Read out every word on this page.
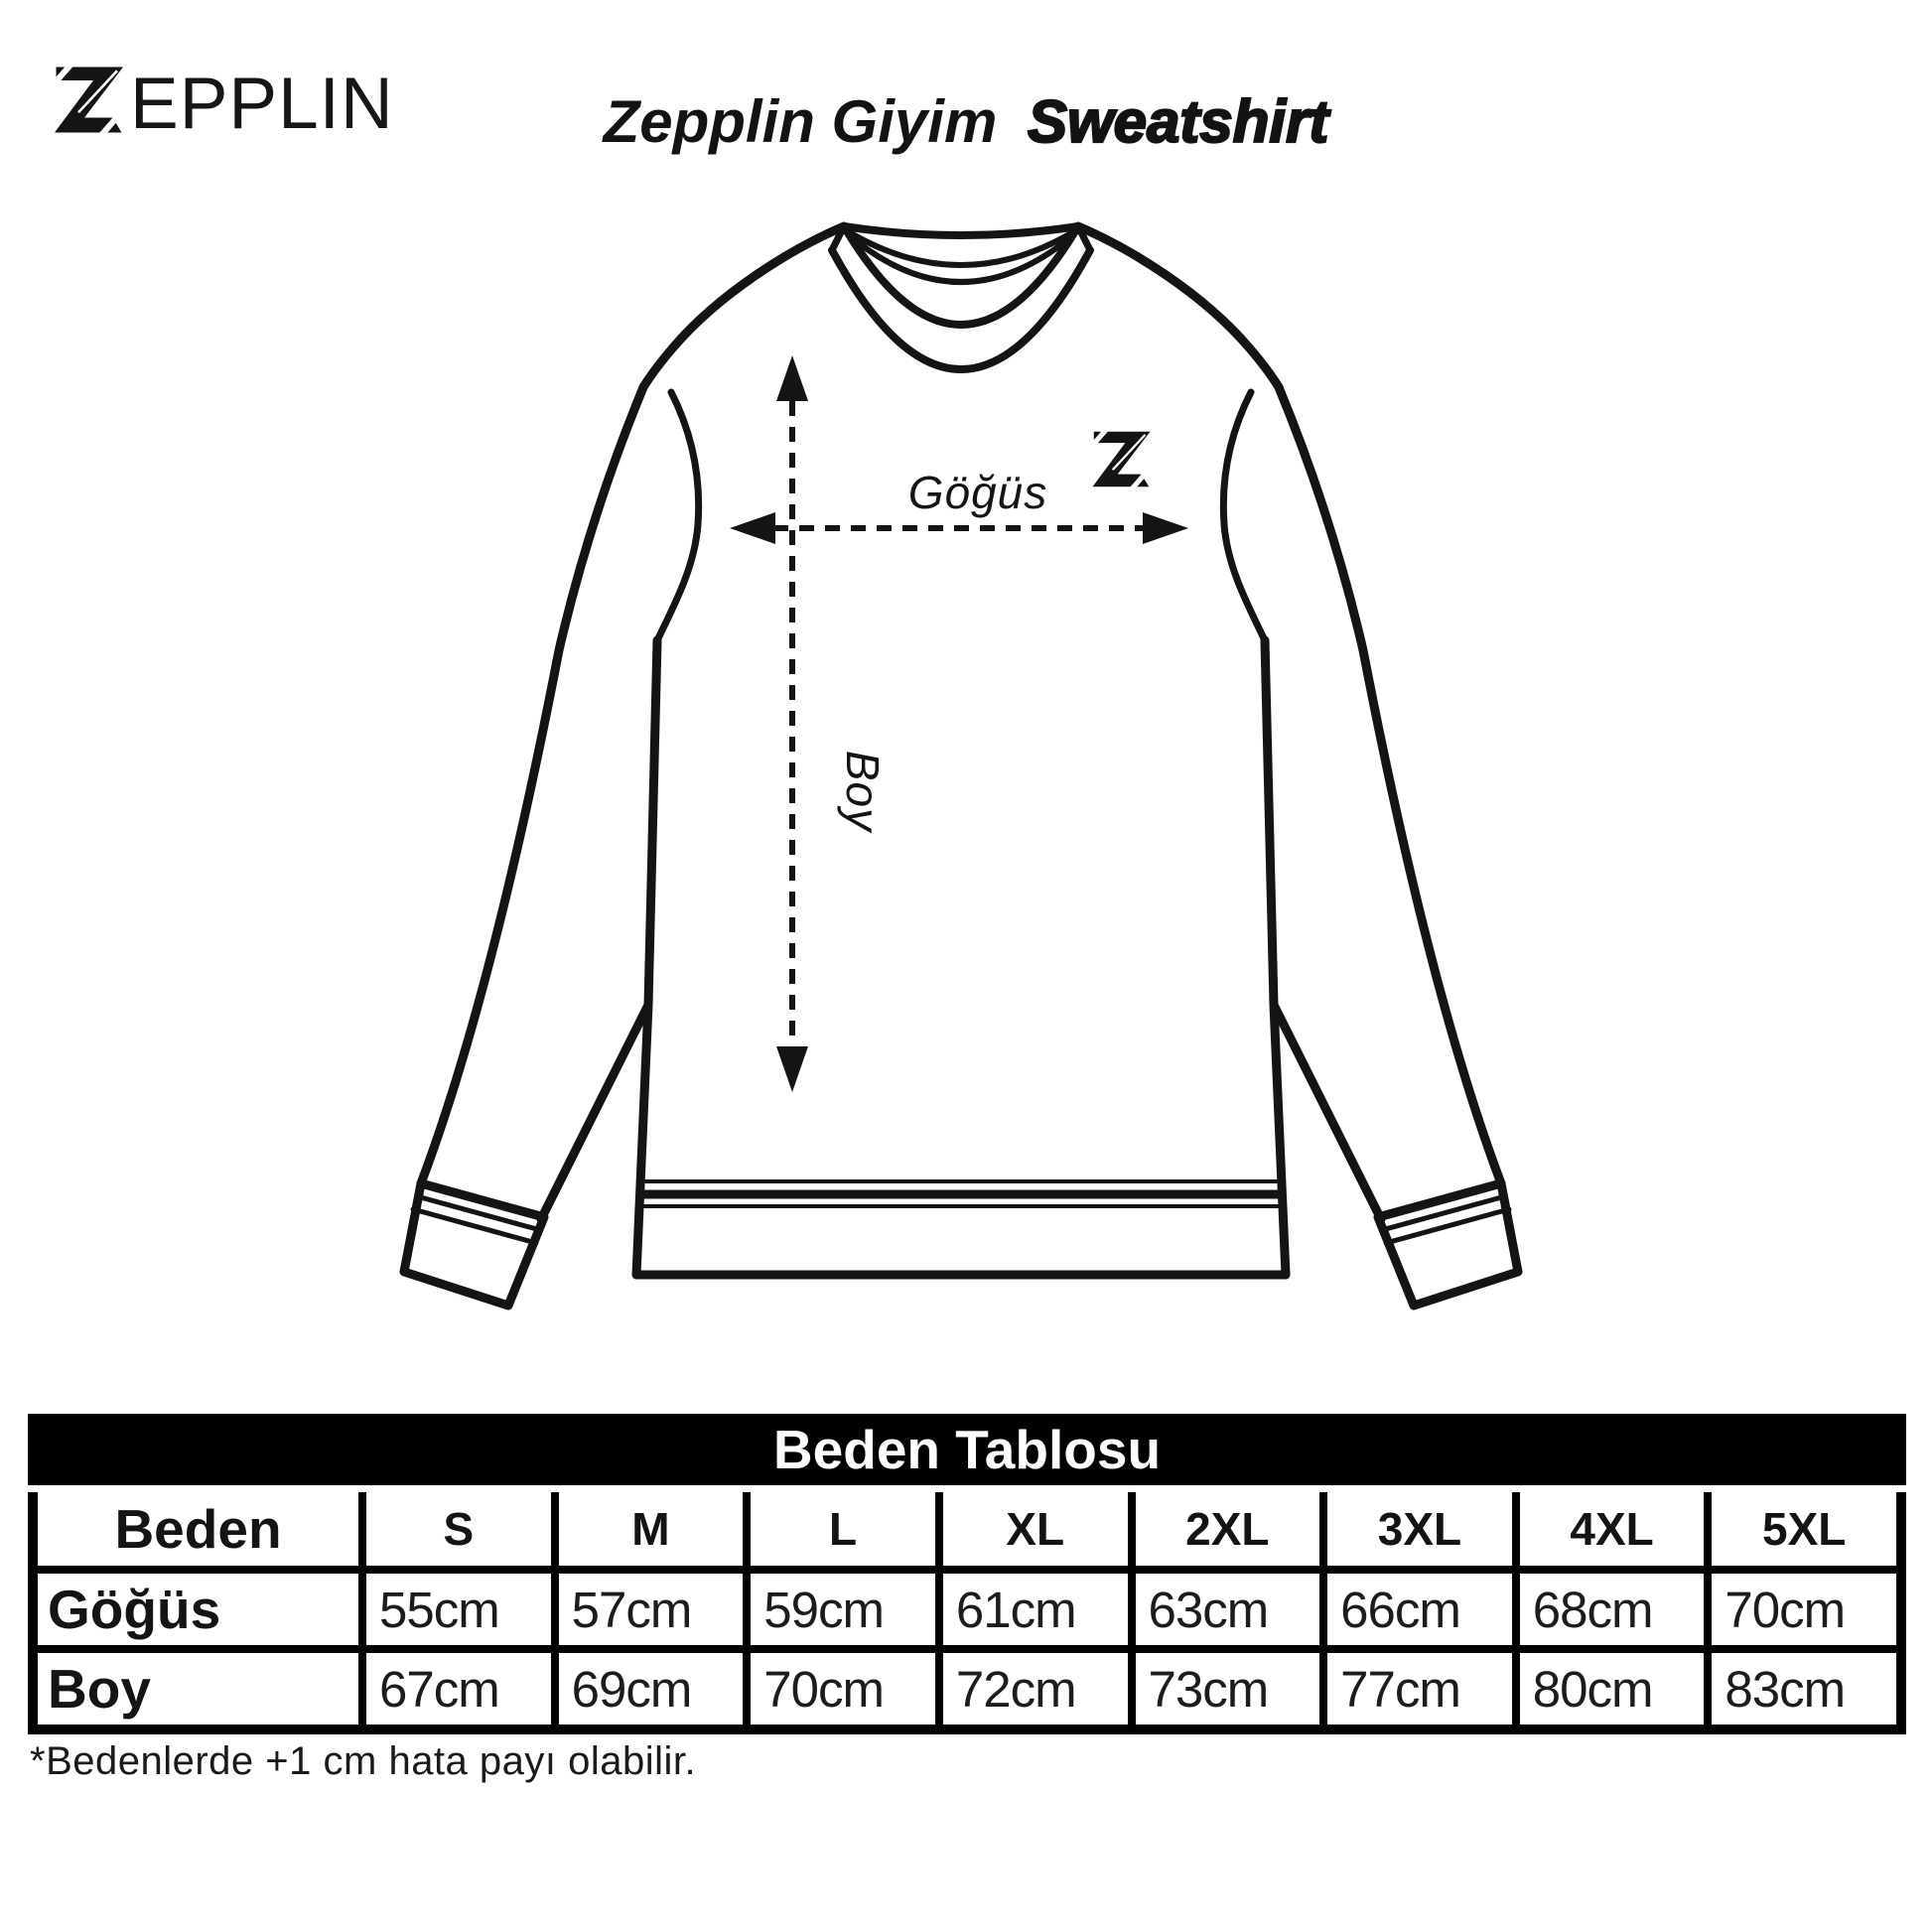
Göğüs
Boy
EPPLIN	Zepplin Giyim Sweatshirt
Beden Tablosu
Beden	S	M	L	XL	2XL	3XL	4XL	5XL
Göğüs	55cm	57cm	59cm	61cm	63cm	66cm	68cm	70cm
Boy	67cm	69cm	70cm	72cm	73cm	77cm	80cm	83cm
*Bedenlerde +1 cm hata payı olabilir.
